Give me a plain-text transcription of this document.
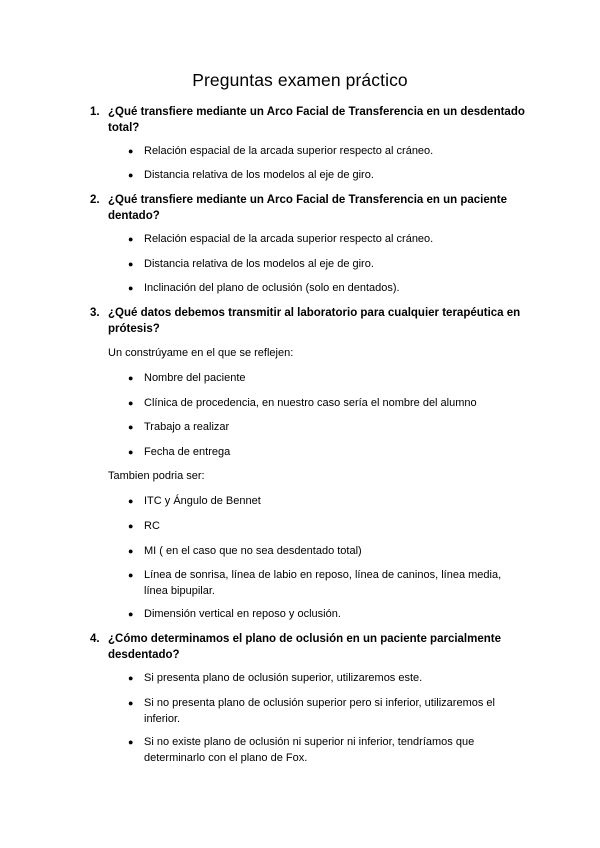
Preguntas examen práctico
1. ¿Qué transfiere mediante un Arco Facial de Transferencia en un desdentado total?
● Relación espacial de la arcada superior respecto al cráneo.
● Distancia relativa de los modelos al eje de giro.
2. ¿Qué transfiere mediante un Arco Facial de Transferencia en un paciente dentado?
● Relación espacial de la arcada superior respecto al cráneo.
● Distancia relativa de los modelos al eje de giro.
● Inclinación del plano de oclusión (solo en dentados).
3. ¿Qué datos debemos transmitir al laboratorio para cualquier terapéutica en prótesis?
Un constrúyame en el que se reflejen:
● Nombre del paciente
● Clínica de procedencia, en nuestro caso sería el nombre del alumno
● Trabajo a realizar
● Fecha de entrega
Tambien podria ser:
● ITC y Ángulo de Bennet
● RC
● MI ( en el caso que no sea desdentado total)
● Línea de sonrisa, línea de labio en reposo, línea de caninos, línea media, línea bipupilar.
● Dimensión vertical en reposo y oclusión.
4. ¿Cómo determinamos el plano de oclusión en un paciente parcialmente desdentado?
● Si presenta plano de oclusión superior, utilizaremos este.
● Si no presenta plano de oclusión superior pero si inferior, utilizaremos el inferior.
● Si no existe plano de oclusión ni superior ni inferior, tendríamos que determinarlo con el plano de Fox.
